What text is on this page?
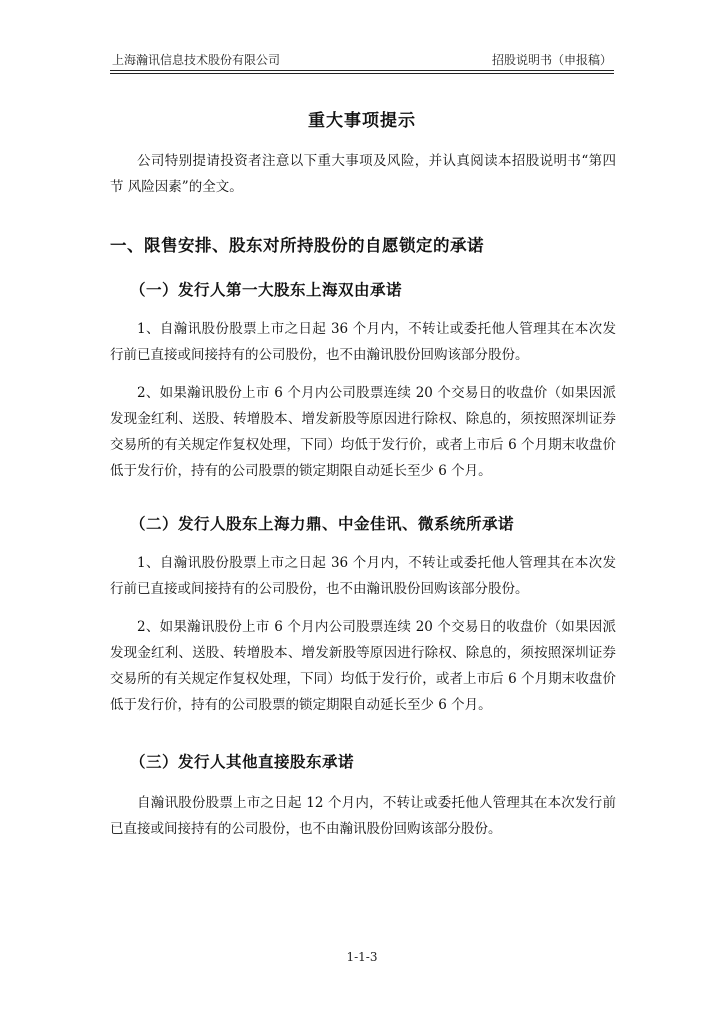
上海瀚讯信息技术股份有限公司	招股说明书（申报稿）
重大事项提示
公司特别提请投资者注意以下重大事项及风险，并认真阅读本招股说明书“第四节 风险因素”的全文。
一、限售安排、股东对所持股份的自愿锁定的承诺
（一）发行人第一大股东上海双由承诺
1、自瀚讯股份股票上市之日起 36 个月内，不转让或委托他人管理其在本次发行前已直接或间接持有的公司股份，也不由瀚讯股份回购该部分股份。
2、如果瀚讯股份上市 6 个月内公司股票连续 20 个交易日的收盘价（如果因派发现金红利、送股、转增股本、增发新股等原因进行除权、除息的，须按照深圳证券交易所的有关规定作复权处理，下同）均低于发行价，或者上市后 6 个月期末收盘价低于发行价，持有的公司股票的锁定期限自动延长至少 6 个月。
（二）发行人股东上海力鼎、中金佳讯、微系统所承诺
1、自瀚讯股份股票上市之日起 36 个月内，不转让或委托他人管理其在本次发行前已直接或间接持有的公司股份，也不由瀚讯股份回购该部分股份。
2、如果瀚讯股份上市 6 个月内公司股票连续 20 个交易日的收盘价（如果因派发现金红利、送股、转增股本、增发新股等原因进行除权、除息的，须按照深圳证券交易所的有关规定作复权处理，下同）均低于发行价，或者上市后 6 个月期末收盘价低于发行价，持有的公司股票的锁定期限自动延长至少 6 个月。
（三）发行人其他直接股东承诺
自瀚讯股份股票上市之日起 12 个月内，不转让或委托他人管理其在本次发行前已直接或间接持有的公司股份，也不由瀚讯股份回购该部分股份。
1-1-3
